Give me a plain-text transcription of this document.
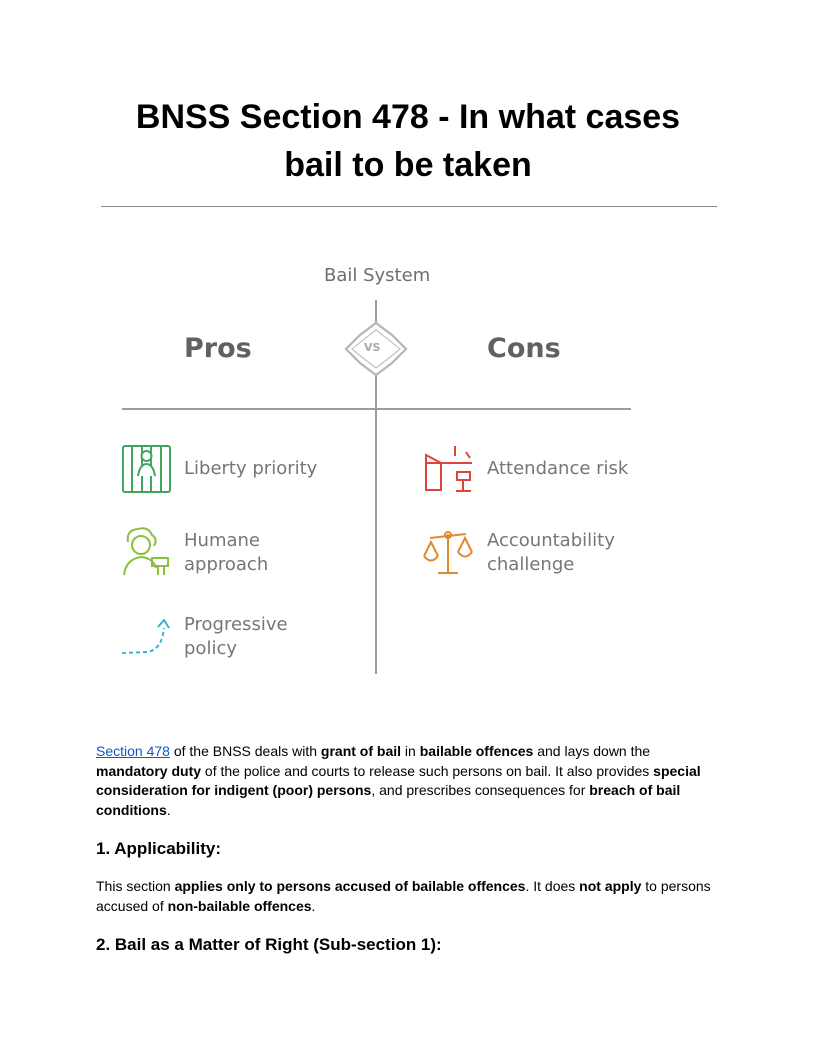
BNSS Section 478 - In what cases
bail to be taken
Bail System
VS
Pros	Cons
Liberty priority
Humane
approach
Progressive
policy
Attendance risk
Accountability
challenge
Section 478 of the BNSS deals with grant of bail in bailable offences and lays down the mandatory duty of the police and courts to release such persons on bail. It also provides special consideration for indigent (poor) persons, and prescribes consequences for breach of bail conditions.
1. Applicability:
This section applies only to persons accused of bailable offences. It does not apply to persons accused of non-bailable offences.
2. Bail as a Matter of Right (Sub-section 1):
